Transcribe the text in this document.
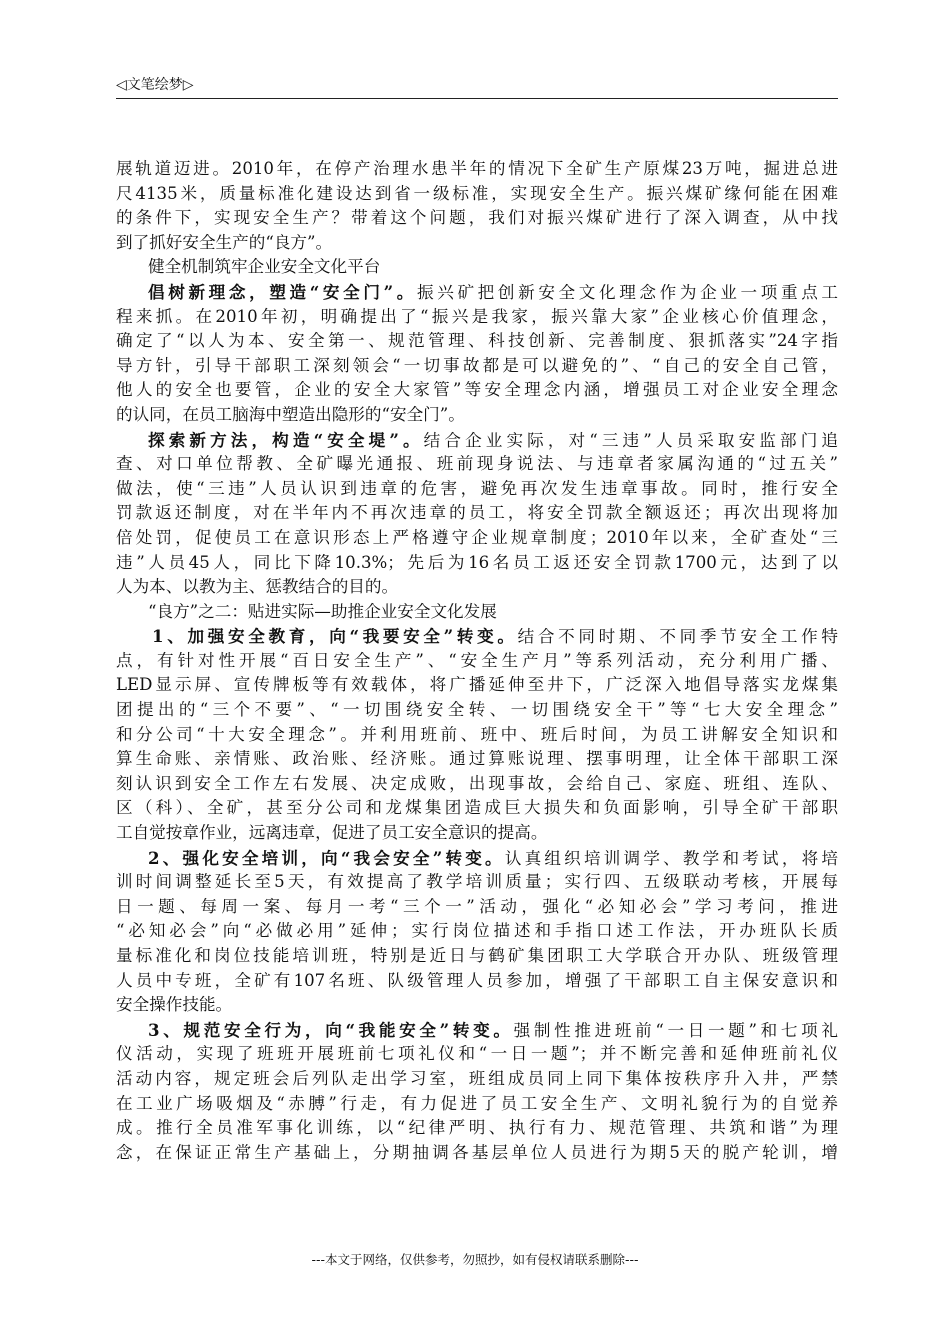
◁文笔绘梦▷
展轨道迈进。2010年，在停产治理水患半年的情况下全矿生产原煤23万吨，掘进总进
尺4135米，质量标准化建设达到省一级标准，实现安全生产。振兴煤矿缘何能在困难
的条件下，实现安全生产？带着这个问题，我们对振兴煤矿进行了深入调查，从中找
到了抓好安全生产的“良方”。
健全机制筑牢企业安全文化平台
倡树新理念，塑造“安全门”。振兴矿把创新安全文化理念作为企业一项重点工
程来抓。在2010年初，明确提出了“振兴是我家，振兴靠大家”企业核心价值理念，
确定了“以人为本、安全第一、规范管理、科技创新、完善制度、狠抓落实”24字指
导方针，引导干部职工深刻领会“一切事故都是可以避免的”、“自己的安全自己管，
他人的安全也要管，企业的安全大家管”等安全理念内涵，增强员工对企业安全理念
的认同，在员工脑海中塑造出隐形的“安全门”。
探索新方法，构造“安全堤”。结合企业实际，对“三违”人员采取安监部门追
查、对口单位帮教、全矿曝光通报、班前现身说法、与违章者家属沟通的“过五关”
做法，使“三违”人员认识到违章的危害，避免再次发生违章事故。同时，推行安全
罚款返还制度，对在半年内不再次违章的员工，将安全罚款全额返还；再次出现将加
倍处罚，促使员工在意识形态上严格遵守企业规章制度；2010年以来，全矿查处“三
违”人员45人，同比下降10.3%；先后为16名员工返还安全罚款1700元，达到了以
人为本、以教为主、惩教结合的目的。
“良方”之二：贴进实际—助推企业安全文化发展
1、加强安全教育，向“我要安全”转变。结合不同时期、不同季节安全工作特
点，有针对性开展“百日安全生产”、“安全生产月”等系列活动，充分利用广播、
LED显示屏、宣传牌板等有效载体，将广播延伸至井下，广泛深入地倡导落实龙煤集
团提出的“三个不要”、“一切围绕安全转、一切围绕安全干”等“七大安全理念”
和分公司“十大安全理念”。并利用班前、班中、班后时间，为员工讲解安全知识和
算生命账、亲情账、政治账、经济账。通过算账说理、摆事明理，让全体干部职工深
刻认识到安全工作左右发展、决定成败，出现事故，会给自己、家庭、班组、连队、
区（科）、全矿，甚至分公司和龙煤集团造成巨大损失和负面影响，引导全矿干部职
工自觉按章作业，远离违章，促进了员工安全意识的提高。
2、强化安全培训，向“我会安全”转变。认真组织培训调学、教学和考试，将培
训时间调整延长至5天，有效提高了教学培训质量；实行四、五级联动考核，开展每
日一题、每周一案、每月一考“三个一”活动，强化“必知必会”学习考问，推进
“必知必会”向“必做必用”延伸；实行岗位描述和手指口述工作法，开办班队长质
量标准化和岗位技能培训班，特别是近日与鹤矿集团职工大学联合开办队、班级管理
人员中专班，全矿有107名班、队级管理人员参加，增强了干部职工自主保安意识和
安全操作技能。
3、规范安全行为，向“我能安全”转变。强制性推进班前“一日一题”和七项礼
仪活动，实现了班班开展班前七项礼仪和“一日一题”；并不断完善和延伸班前礼仪
活动内容，规定班会后列队走出学习室，班组成员同上同下集体按秩序升入井，严禁
在工业广场吸烟及“赤膊”行走，有力促进了员工安全生产、文明礼貌行为的自觉养
成。推行全员准军事化训练，以“纪律严明、执行有力、规范管理、共筑和谐”为理
念，在保证正常生产基础上，分期抽调各基层单位人员进行为期5天的脱产轮训，增
---本文于网络，仅供参考，勿照抄，如有侵权请联系删除---
